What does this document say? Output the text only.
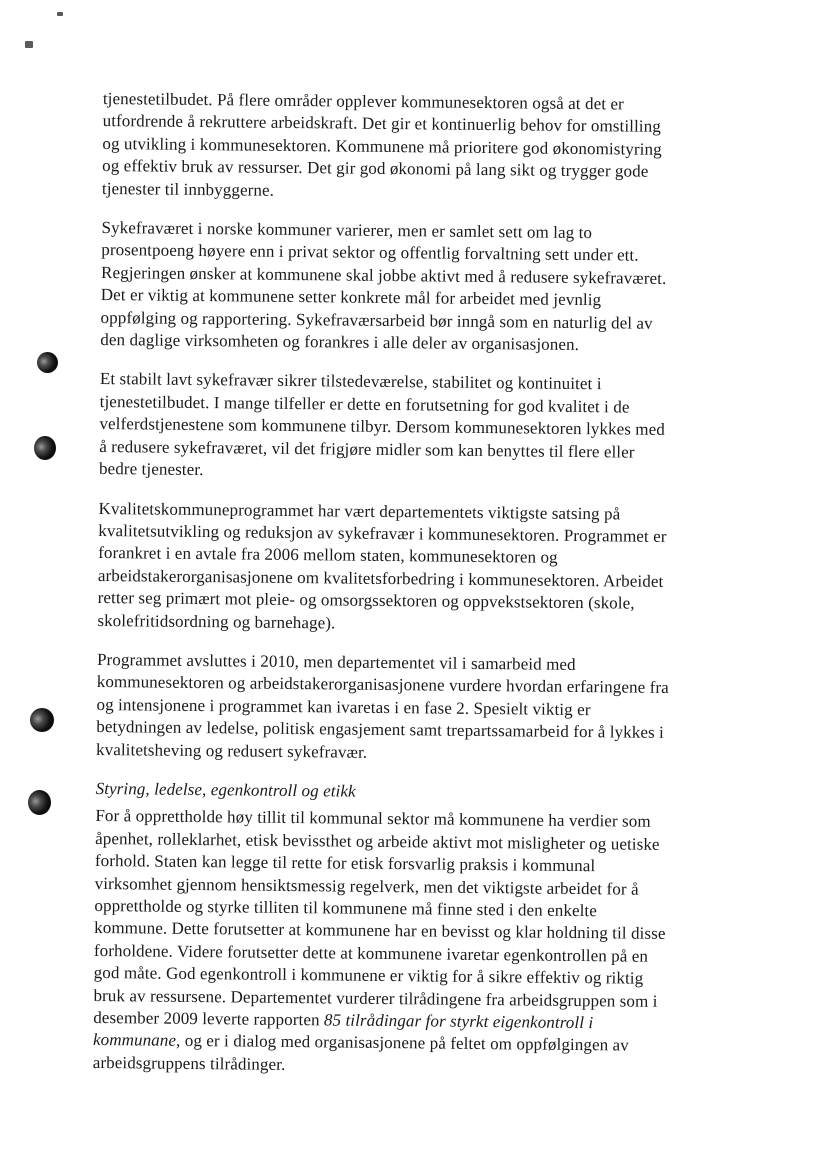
tjenestetilbudet. På flere områder opplever kommunesektoren også at det er
utfordrende å rekruttere arbeidskraft. Det gir et kontinuerlig behov for omstilling
og utvikling i kommunesektoren. Kommunene må prioritere god økonomistyring
og effektiv bruk av ressurser. Det gir god økonomi på lang sikt og trygger gode
tjenester til innbyggerne.

Sykefraværet i norske kommuner varierer, men er samlet sett om lag to
prosentpoeng høyere enn i privat sektor og offentlig forvaltning sett under ett.
Regjeringen ønsker at kommunene skal jobbe aktivt med å redusere sykefraværet.
Det er viktig at kommunene setter konkrete mål for arbeidet med jevnlig
oppfølging og rapportering. Sykefraværsarbeid bør inngå som en naturlig del av
den daglige virksomheten og forankres i alle deler av organisasjonen.

Et stabilt lavt sykefravær sikrer tilstedeværelse, stabilitet og kontinuitet i
tjenestetilbudet. I mange tilfeller er dette en forutsetning for god kvalitet i de
velferdstjenestene som kommunene tilbyr. Dersom kommunesektoren lykkes med
å redusere sykefraværet, vil det frigjøre midler som kan benyttes til flere eller
bedre tjenester.

Kvalitetskommuneprogrammet har vært departementets viktigste satsing på
kvalitetsutvikling og reduksjon av sykefravær i kommunesektoren. Programmet er
forankret i en avtale fra 2006 mellom staten, kommunesektoren og
arbeidstakerorganisasjonene om kvalitetsforbedring i kommunesektoren. Arbeidet
retter seg primært mot pleie- og omsorgssektoren og oppvekstsektoren (skole,
skolefritidsordning og barnehage).

Programmet avsluttes i 2010, men departementet vil i samarbeid med
kommunesektoren og arbeidstakerorganisasjonene vurdere hvordan erfaringene fra
og intensjonene i programmet kan ivaretas i en fase 2. Spesielt viktig er
betydningen av ledelse, politisk engasjement samt trepartssamarbeid for å lykkes i
kvalitetsheving og redusert sykefravær.

Styring, ledelse, egenkontroll og etikk

For å opprettholde høy tillit til kommunal sektor må kommunene ha verdier som
åpenhet, rolleklarhet, etisk bevissthet og arbeide aktivt mot misligheter og uetiske
forhold. Staten kan legge til rette for etisk forsvarlig praksis i kommunal
virksomhet gjennom hensiktsmessig regelverk, men det viktigste arbeidet for å
opprettholde og styrke tilliten til kommunene må finne sted i den enkelte
kommune. Dette forutsetter at kommunene har en bevisst og klar holdning til disse
forholdene. Videre forutsetter dette at kommunene ivaretar egenkontrollen på en
god måte. God egenkontroll i kommunene er viktig for å sikre effektiv og riktig
bruk av ressursene. Departementet vurderer tilrådingene fra arbeidsgruppen som i
desember 2009 leverte rapporten 85 tilrådingar for styrkt eigenkontroll i
kommunane, og er i dialog med organisasjonene på feltet om oppfølgingen av
arbeidsgruppens tilrådinger.
